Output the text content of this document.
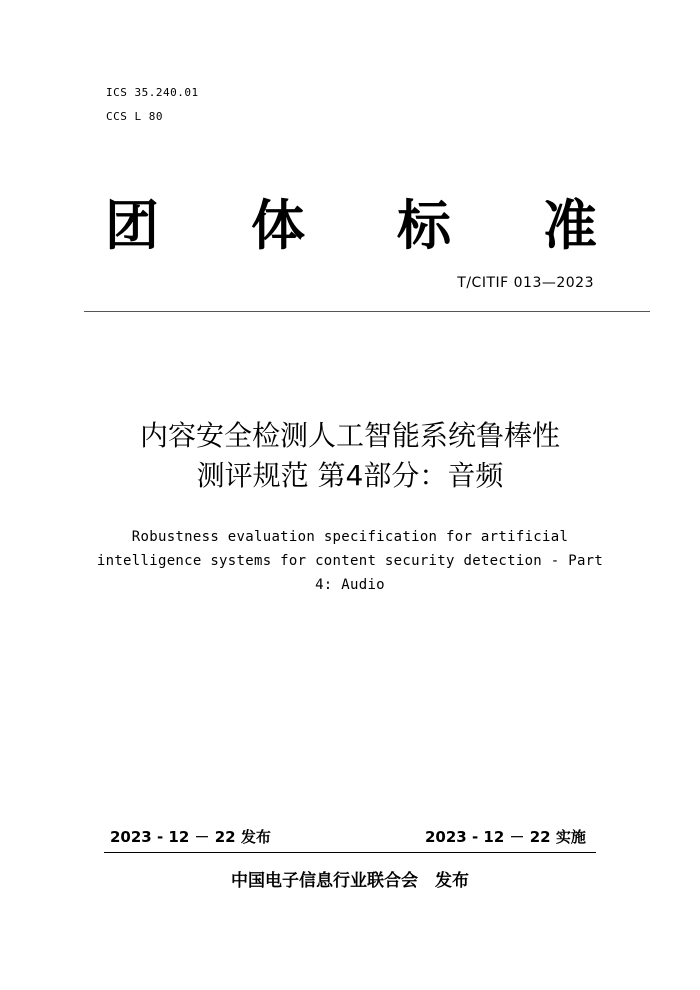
ICS 35.240.01
CCS L 80
团 体 标 准
T/CITIF 013—2023
内容安全检测人工智能系统鲁棒性
测评规范 第4部分：音频
Robustness evaluation specification for artificial
intelligence systems for content security detection - Part
4: Audio
2023 - 12 － 22 发布	2023 - 12 － 22 实施
中国电子信息行业联合会　发布
